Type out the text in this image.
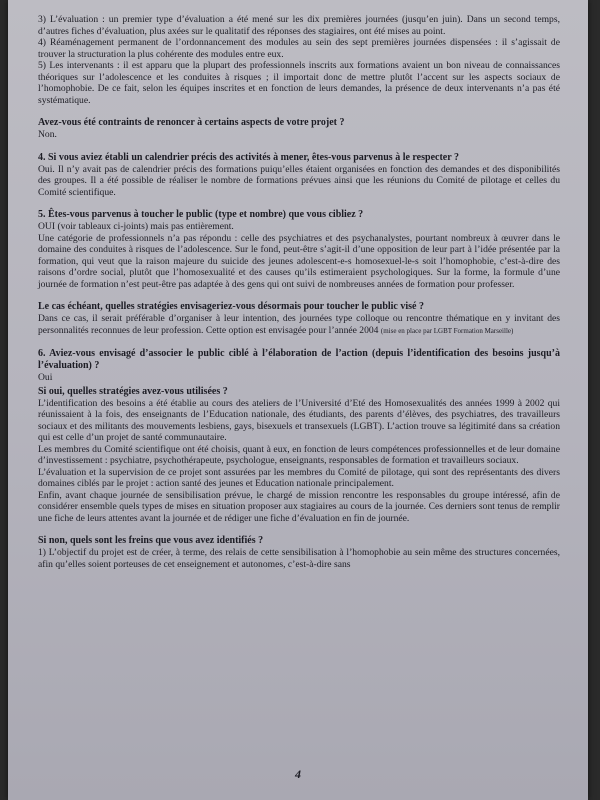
3) L’évaluation : un premier type d’évaluation a été mené sur les dix premières journées (jusqu’en juin). Dans un second temps, d’autres fiches d’évaluation, plus axées sur le qualitatif des réponses des stagiaires, ont été mises au point.

4) Réaménagement permanent de l’ordonnancement des modules au sein des sept premières journées dispensées : il s’agissait de trouver la structuration la plus cohérente des modules entre eux.

5) Les intervenants : il est apparu que la plupart des professionnels inscrits aux formations avaient un bon niveau de connaissances théoriques sur l’adolescence et les conduites à risques ; il importait donc de mettre plutôt l’accent sur les aspects sociaux de l’homophobie. De ce fait, selon les équipes inscrites et en fonction de leurs demandes, la présence de deux intervenants n’a pas été systématique.

Avez-vous été contraints de renoncer à certains aspects de votre projet ?

Non.

4. Si vous aviez établi un calendrier précis des activités à mener, êtes-vous parvenus à le respecter ?

Oui. Il n’y avait pas de calendrier précis des formations puiqu’elles étaient organisées en fonction des demandes et des disponibilités des groupes. Il a été possible de réaliser le nombre de formations prévues ainsi que les réunions du Comité de pilotage et celles du Comité scientifique.

5. Êtes-vous parvenus à toucher le public (type et nombre) que vous cibliez ?

OUI (voir tableaux ci-joints) mais pas entièrement.

Une catégorie de professionnels n’a pas répondu : celle des psychiatres et des psychanalystes, pourtant nombreux à œuvrer dans le domaine des conduites à risques de l’adolescence. Sur le fond, peut-être s’agit-il d’une opposition de leur part à l’idée présentée par la formation, qui veut que la raison majeure du suicide des jeunes adolescent-e-s homosexuel-le-s soit l’homophobie, c’est-à-dire des raisons d’ordre social, plutôt que l’homosexualité et des causes qu’ils estimeraient psychologiques. Sur la forme, la formule d’une journée de formation n’est peut-être pas adaptée à des gens qui ont suivi de nombreuses années de formation pour professer.

Le cas échéant, quelles stratégies envisageriez-vous désormais pour toucher le public visé ?

Dans ce cas, il serait préférable d’organiser à leur intention, des journées type colloque ou rencontre thématique en y invitant des personnalités reconnues de leur profession. Cette option est envisagée pour l’année 2004 (mise en place par LGBT Formation Marseille)

6. Aviez-vous envisagé d’associer le public ciblé à l’élaboration de l’action (depuis l’identification des besoins jusqu’à l’évaluation) ?

Oui

Si oui, quelles stratégies avez-vous utilisées ?

L’identification des besoins a été établie au cours des ateliers de l’Université d’Eté des Homosexualités des années 1999 à 2002 qui réunissaient à la fois, des enseignants de l’Education nationale, des étudiants, des parents d’élèves, des psychiatres, des travailleurs sociaux et des militants des mouvements lesbiens, gays, bisexuels et transexuels (LGBT). L’action trouve sa légitimité dans sa création qui est celle d’un projet de santé communautaire.

Les membres du Comité scientifique ont été choisis, quant à eux, en fonction de leurs compétences professionnelles et de leur domaine d’investissement : psychiatre, psychothérapeute, psychologue, enseignants, responsables de formation et travailleurs sociaux.

L’évaluation et la supervision de ce projet sont assurées par les membres du Comité de pilotage, qui sont des représentants des divers domaines ciblés par le projet : action santé des jeunes et Education nationale principalement.

Enfin, avant chaque journée de sensibilisation prévue, le chargé de mission rencontre les responsables du groupe intéressé, afin de considérer ensemble quels types de mises en situation proposer aux stagiaires au cours de la journée. Ces derniers sont tenus de remplir une fiche de leurs attentes avant la journée et de rédiger une fiche d’évaluation en fin de journée.

Si non, quels sont les freins que vous avez identifiés ?

1) L’objectif du projet est de créer, à terme, des relais de cette sensibilisation à l’homophobie au sein même des structures concernées, afin qu’elles soient porteuses de cet enseignement et autonomes, c’est-à-dire sans

4
